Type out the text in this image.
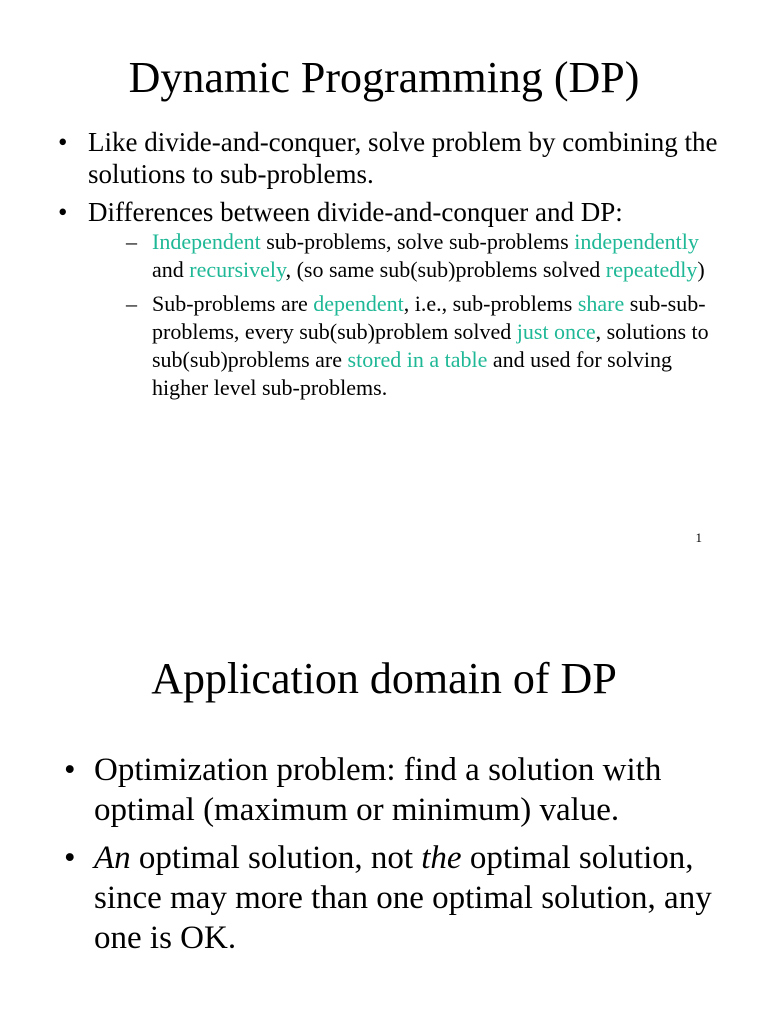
Dynamic Programming (DP)
• Like divide-and-conquer, solve problem by combining the solutions to sub-problems.
• Differences between divide-and-conquer and DP:
– Independent sub-problems, solve sub-problems independently and recursively, (so same sub(sub)problems solved repeatedly)
– Sub-problems are dependent, i.e., sub-problems share sub-sub-problems, every sub(sub)problem solved just once, solutions to sub(sub)problems are stored in a table and used for solving higher level sub-problems.
1
Application domain of DP
• Optimization problem: find a solution with optimal (maximum or minimum) value.
• An optimal solution, not the optimal solution, since may more than one optimal solution, any one is OK.
